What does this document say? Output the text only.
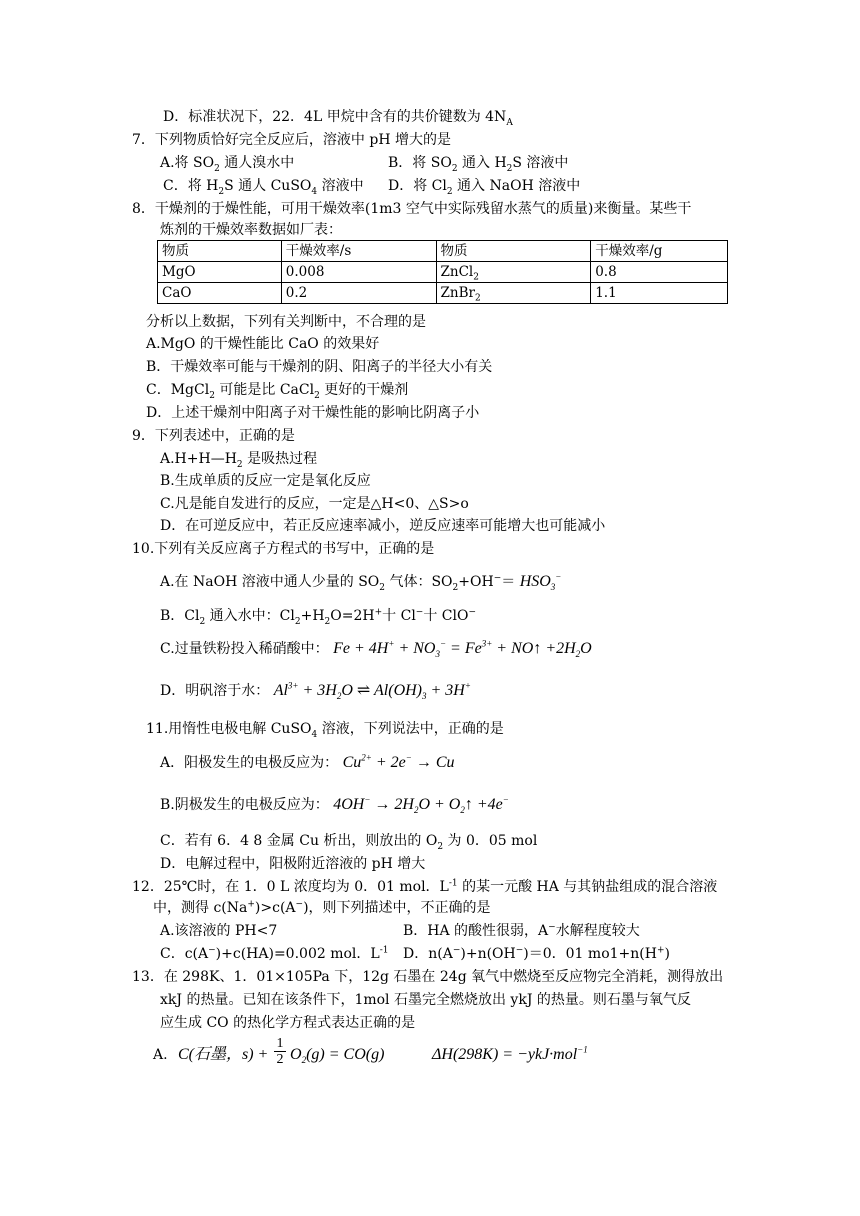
D．标准状况下，22．4L 甲烷中含有的共价键数为 $4N_A$
7．下列物质恰好完全反应后，溶液中 pH 增大的是
A.将 $SO_2$ 通人溴水中	B．将 $SO_2$ 通入 $H_2S$ 溶液中
C．将 $H_2S$ 通人 CuSO$_4$ 溶液中 D．将 $Cl_2$ 通入 NaOH 溶液中
8．干燥剂的于燥性能，可用干燥效率(1m3 空气中实际残留水蒸气的质量)来衡量。某些干
炼剂的干燥效率数据如厂表：
物质	干燥效率/s	物质	干燥效率/g
MgO	0.008	ZnCl$_2$	0.8
CaO	0.2	ZnBr$_2$	1.1
分析以上数据，下列有关判断中，不合理的是
A.MgO 的干燥性能比 CaO 的效果好
B．干燥效率可能与干燥剂的阴、阳离子的半径大小有关
C．MgCl$_2$ 可能是比 CaCl$_2$ 更好的干燥剂
D．上述干燥剂中阳离子对干燥性能的影响比阴离子小
9．下列表述中，正确的是
$A.H+H—H_2$ 是吸热过程
B.生成单质的反应一定是氧化反应
C.凡是能自发进行的反应，一定是△H<0、△S>o
D．在可逆反应中，若正反应速率减小，逆反应速率可能增大也可能减小
10.下列有关反应离子方程式的书写中，正确的是
A.在 NaOH 溶液中通人少量的 $SO_2$ 气体：$SO_2+OH^-= HSO_3^-$
B．$Cl_2$ 通入水中：$Cl_2+H_2O=2H^+$十 Cl−十 ClO−
C.过量铁粉投入稀硝酸中： $Fe + 4H^+ + NO_3^- = Fe^{3+}$ + NO↑ $+2H_2O$
D．明矾溶于水： $Al^{3+} + 3H_2O$ ⇌ $Al(OH)_3 + 3H^+$
11.用惰性电极电解 CuSO$_4$ 溶液，下列说法中，正确的是
A．阳极发生的电极反应为： $Cu^{2+} + 2e^- \to Cu$
B.阴极发生的电极反应为： $4OH^- \to 2H_2O$ + $O_2↑ +4e^-$
C．若有 6．4 8 金属 Cu 析出，则放出的 $O_2$ 为 0．05 mol
D．电解过程中，阳极附近溶液的 pH 增大
12．25℃时，在 1．0 L 浓度均为 0．01 mol．$L^{-1}$ 的某一元酸 HA 与其钠盐组成的混合溶液
中，测得 c(Na+)>c(A−)，则下列描述中，不正确的是
A.该溶液的 PH<7	B．HA 的酸性很弱，A−水解程度较大
C．c(A−)+c(HA)=0.002 mol．$L^{-1}$ D．n(A−)+n(OH−)＝0．01 mo1+n(H+)
13．在 298K、1．01×105Pa 下，12g 石墨在 24g 氧气中燃烧至反应物完全消耗，测得放出
xkJ 的热量。已知在该条件下，1mol 石墨完全燃烧放出 ykJ 的热量。则石墨与氧气反
应生成 CO 的热化学方程式表达正确的是
A. C(石墨，s) +
1
2 $O_2(g) = CO(g)$	ΔH(298K) = −ykJ·mol$^{-1}$
